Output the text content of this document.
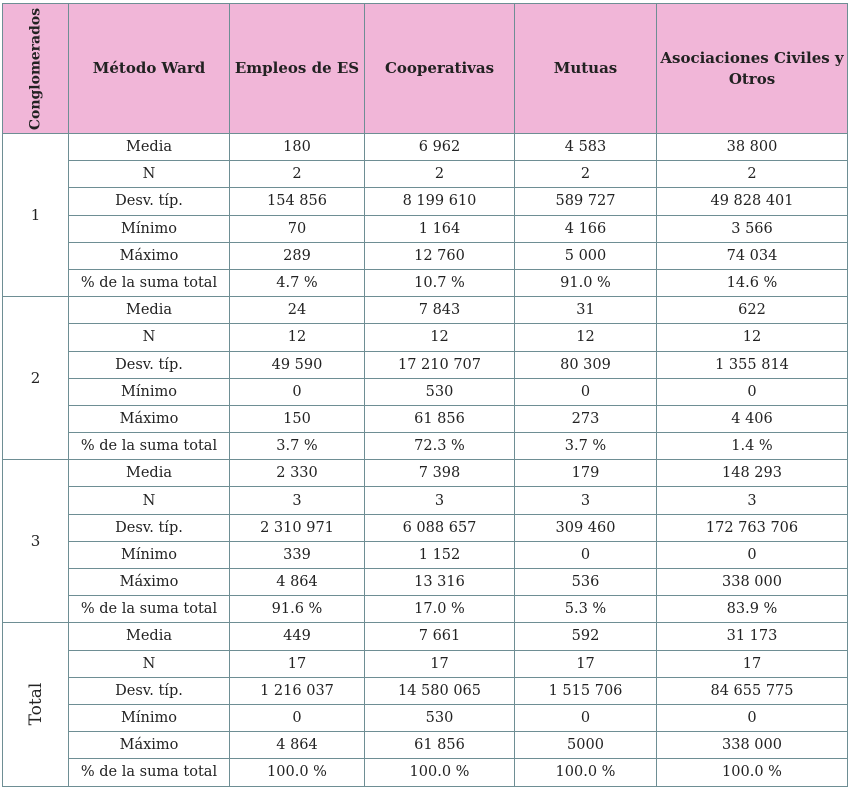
Conglomerados	Método Ward	Empleos de ES	Cooperativas	Mutuas	Asociaciones Civiles y Otros
1	Media	180	6 962	4 583	38 800
	N	2	2	2	2
	Desv. típ.	154 856	8 199 610	589 727	49 828 401
	Mínimo	70	1 164	4 166	3 566
	Máximo	289	12 760	5 000	74 034
	% de la suma total	4.7 %	10.7 %	91.0 %	14.6 %
2	Media	24	7 843	31	622
	N	12	12	12	12
	Desv. típ.	49 590	17 210 707	80 309	1 355 814
	Mínimo	0	530	0	0
	Máximo	150	61 856	273	4 406
	% de la suma total	3.7 %	72.3 %	3.7 %	1.4 %
3	Media	2 330	7 398	179	148 293
	N	3	3	3	3
	Desv. típ.	2 310 971	6 088 657	309 460	172 763 706
	Mínimo	339	1 152	0	0
	Máximo	4 864	13 316	536	338 000
	% de la suma total	91.6 %	17.0 %	5.3 %	83.9 %

Total	Media	449	7 661	592	31 173
	N	17	17	17	17
	Desv. típ.	1 216 037	14 580 065	1 515 706	84 655 775
	Mínimo	0	530	0	0
	Máximo	4 864	61 856	5000	338 000
	% de la suma total	100.0 %	100.0 %	100.0 %	100.0 %
